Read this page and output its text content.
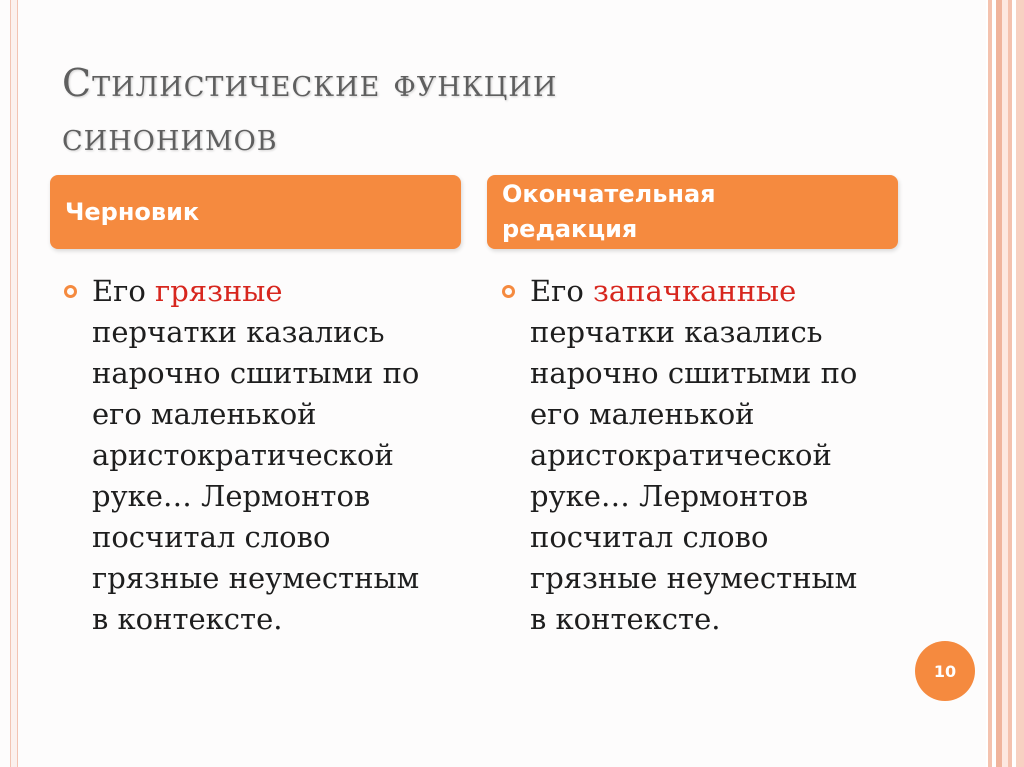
Стилистические функции синонимов
Черновик
Окончательная
редакция
Его грязные
перчатки казались
нарочно сшитыми по
его маленькой
аристократической
руке… Лермонтов
посчитал слово
грязные неуместным
в контексте.
Его запачканные
перчатки казались
нарочно сшитыми по
его маленькой
аристократической
руке… Лермонтов
посчитал слово
грязные неуместным
в контексте.
10
